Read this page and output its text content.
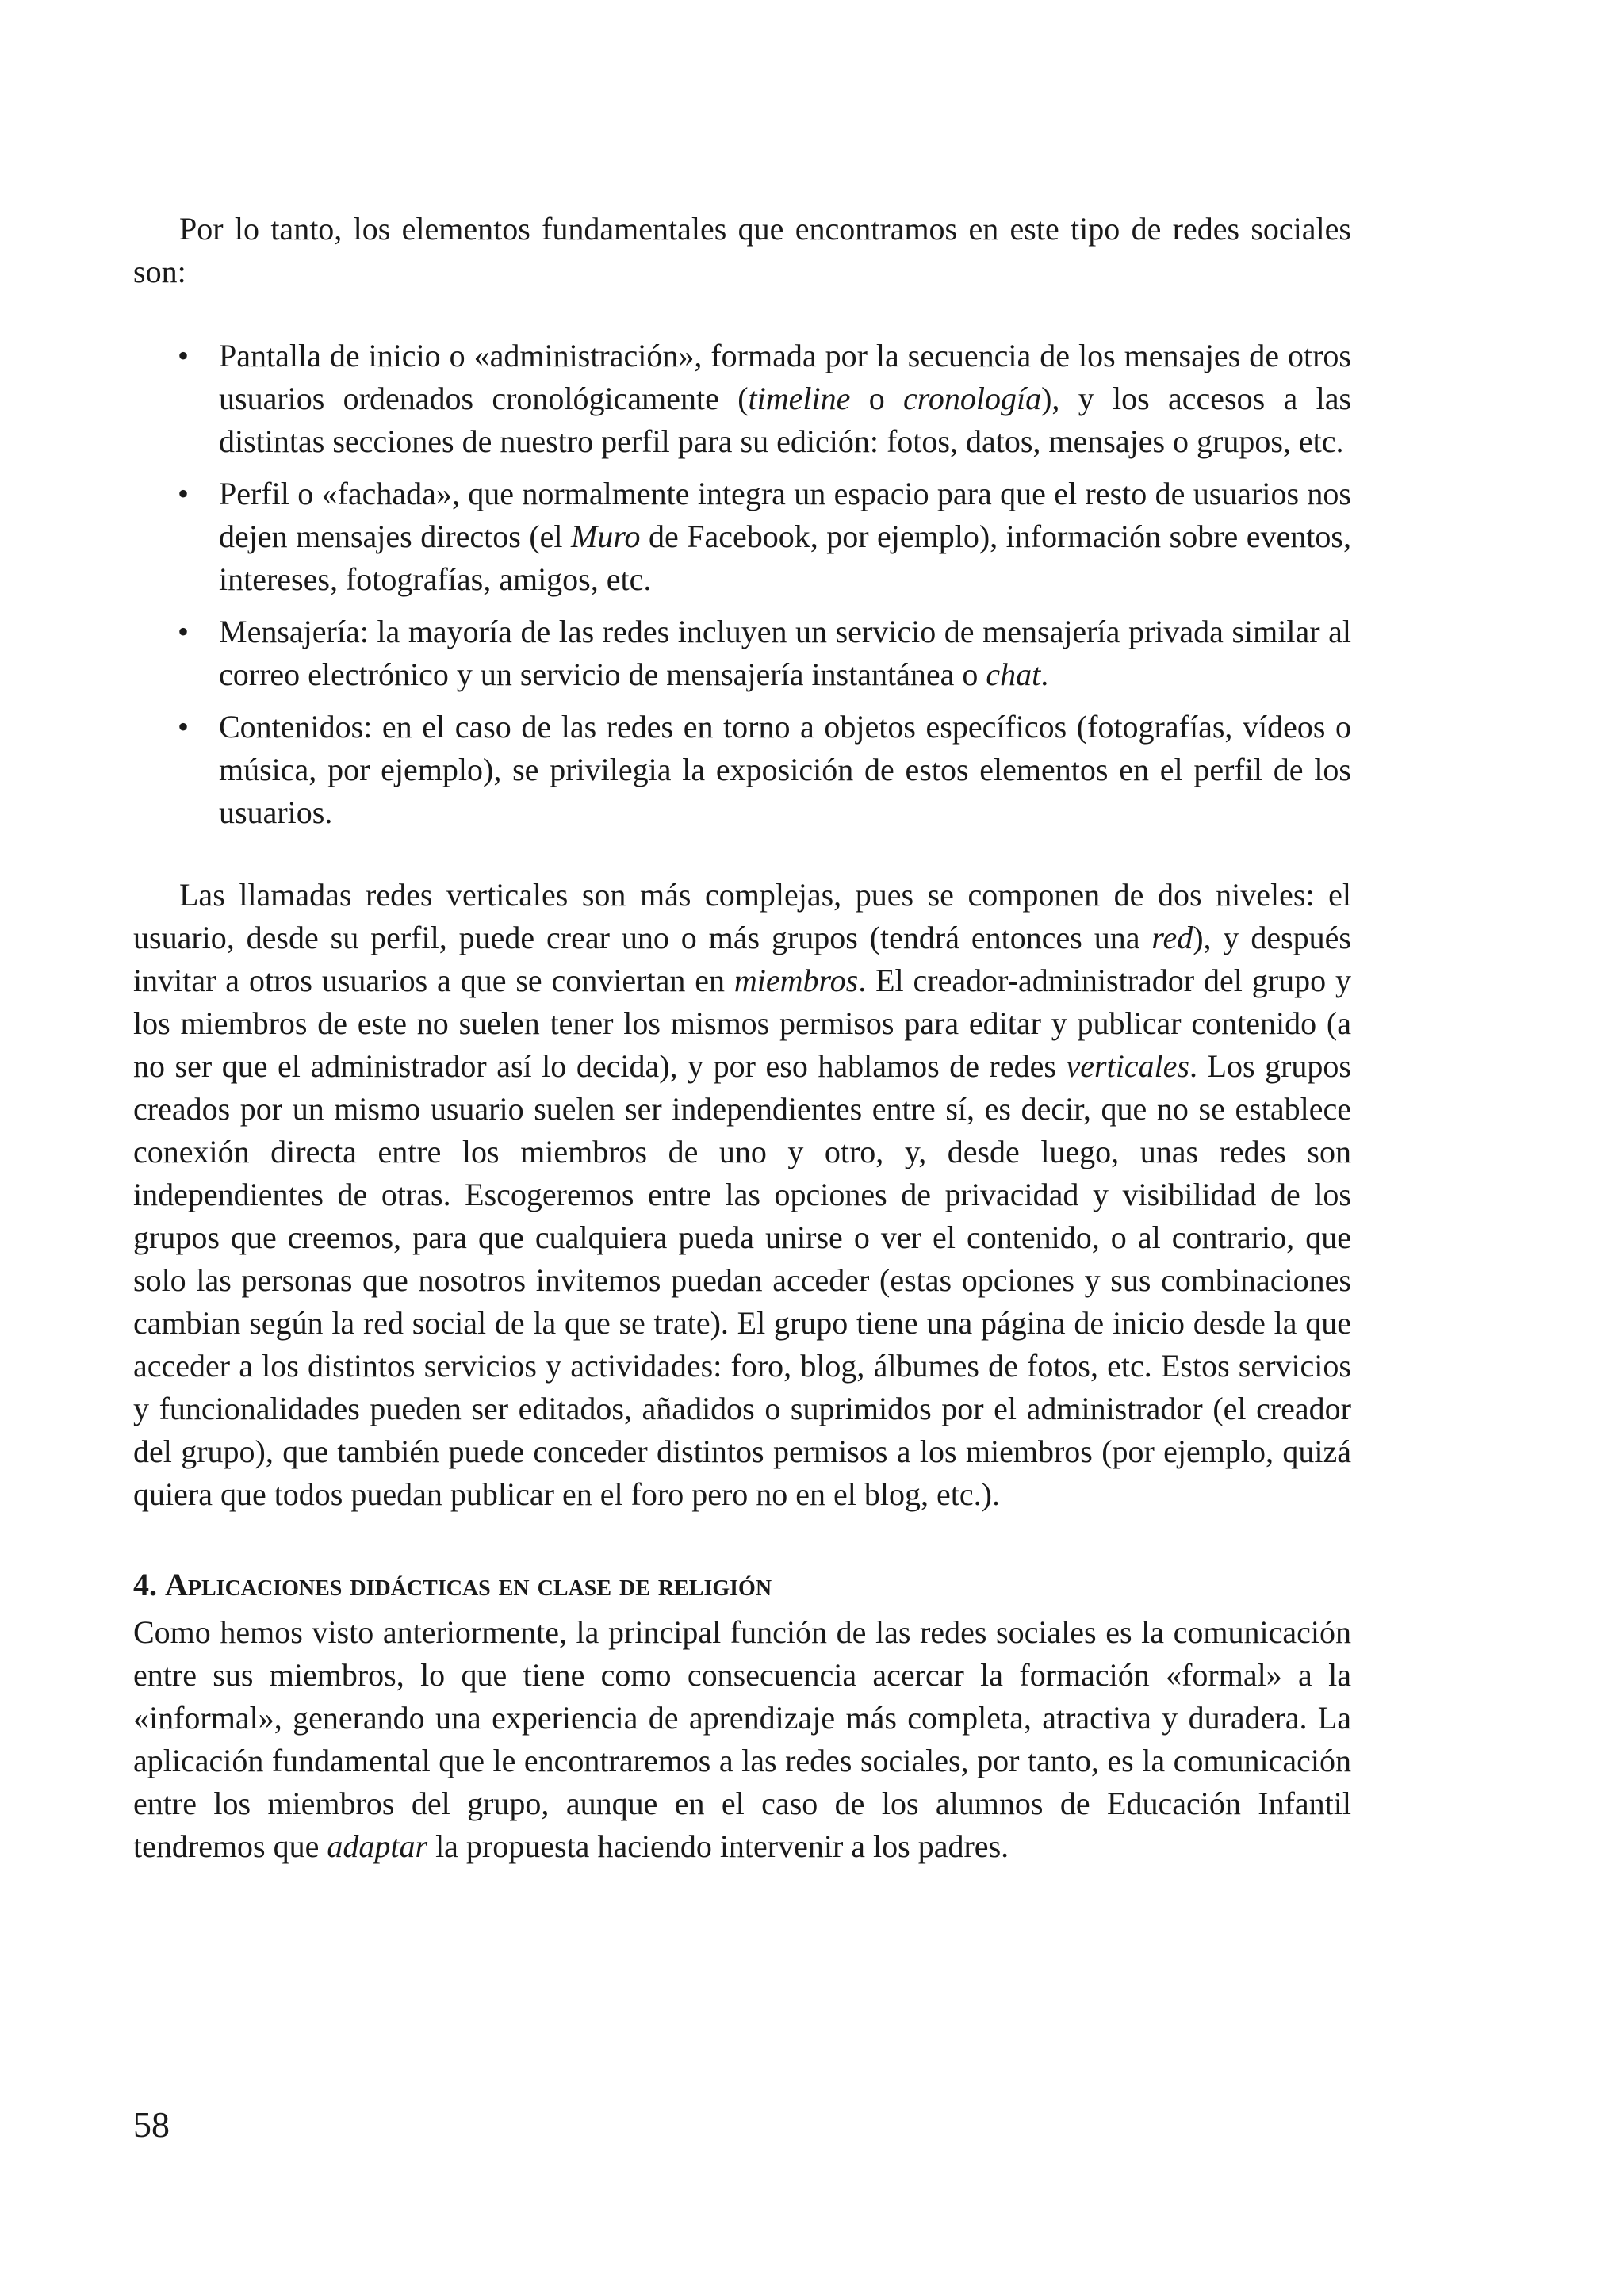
Por lo tanto, los elementos fundamentales que encontramos en este tipo de redes sociales son:

• Pantalla de inicio o «administración», formada por la secuencia de los mensajes de otros usuarios ordenados cronológicamente (timeline o cronología), y los accesos a las distintas secciones de nuestro perfil para su edición: fotos, datos, mensajes o grupos, etc.
• Perfil o «fachada», que normalmente integra un espacio para que el resto de usuarios nos dejen mensajes directos (el Muro de Facebook, por ejemplo), información sobre eventos, intereses, fotografías, amigos, etc.
• Mensajería: la mayoría de las redes incluyen un servicio de mensajería privada similar al correo electrónico y un servicio de mensajería instantánea o chat.
• Contenidos: en el caso de las redes en torno a objetos específicos (fotografías, vídeos o música, por ejemplo), se privilegia la exposición de estos elementos en el perfil de los usuarios.

Las llamadas redes verticales son más complejas, pues se componen de dos niveles: el usuario, desde su perfil, puede crear uno o más grupos (tendrá entonces una red), y después invitar a otros usuarios a que se conviertan en miembros. El creador-administrador del grupo y los miembros de este no suelen tener los mismos permisos para editar y publicar contenido (a no ser que el administrador así lo decida), y por eso hablamos de redes verticales. Los grupos creados por un mismo usuario suelen ser independientes entre sí, es decir, que no se establece conexión directa entre los miembros de uno y otro, y, desde luego, unas redes son independientes de otras. Escogeremos entre las opciones de privacidad y visibilidad de los grupos que creemos, para que cualquiera pueda unirse o ver el contenido, o al contrario, que solo las personas que nosotros invitemos puedan acceder (estas opciones y sus combinaciones cambian según la red social de la que se trate). El grupo tiene una página de inicio desde la que acceder a los distintos servicios y actividades: foro, blog, álbumes de fotos, etc. Estos servicios y funcionalidades pueden ser editados, añadidos o suprimidos por el administrador (el creador del grupo), que también puede conceder distintos permisos a los miembros (por ejemplo, quizá quiera que todos puedan publicar en el foro pero no en el blog, etc.).

4. Aplicaciones didácticas en clase de religión

Como hemos visto anteriormente, la principal función de las redes sociales es la comunicación entre sus miembros, lo que tiene como consecuencia acercar la formación «formal» a la «informal», generando una experiencia de aprendizaje más completa, atractiva y duradera. La aplicación fundamental que le encontraremos a las redes sociales, por tanto, es la comunicación entre los miembros del grupo, aunque en el caso de los alumnos de Educación Infantil tendremos que adaptar la propuesta haciendo intervenir a los padres.

58
